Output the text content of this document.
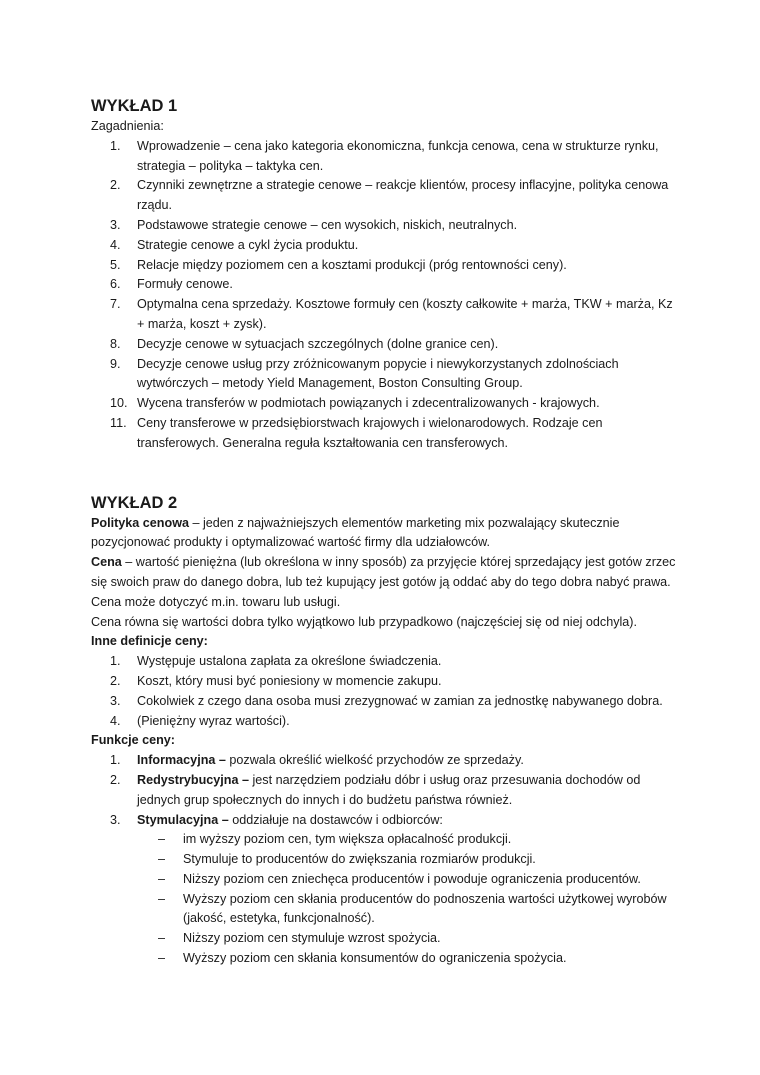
WYKŁAD 1

Zagadnienia:

1. Wprowadzenie – cena jako kategoria ekonomiczna, funkcja cenowa, cena w strukturze rynku, strategia – polityka – taktyka cen.
2. Czynniki zewnętrzne a strategie cenowe – reakcje klientów, procesy inflacyjne, polityka cenowa rządu.
3. Podstawowe strategie cenowe – cen wysokich, niskich, neutralnych.
4. Strategie cenowe a cykl życia produktu.
5. Relacje między poziomem cen a kosztami produkcji (próg rentowności ceny).
6. Formuły cenowe.
7. Optymalna cena sprzedaży. Kosztowe formuły cen (koszty całkowite + marża, TKW + marża, Kz + marża, koszt + zysk).
8. Decyzje cenowe w sytuacjach szczególnych (dolne granice cen).
9. Decyzje cenowe usług przy zróżnicowanym popycie i niewykorzystanych zdolnościach wytwórczych – metody Yield Management, Boston Consulting Group.
10. Wycena transferów w podmiotach powiązanych i zdecentralizowanych - krajowych.
11. Ceny transferowe w przedsiębiorstwach krajowych i wielonarodowych. Rodzaje cen transferowych. Generalna reguła kształtowania cen transferowych.
WYKŁAD 2

Polityka cenowa – jeden z najważniejszych elementów marketing mix pozwalający skutecznie pozycjonować produkty i optymalizować wartość firmy dla udziałowców.

Cena – wartość pieniężna (lub określona w inny sposób) za przyjęcie której sprzedający jest gotów zrzec się swoich praw do danego dobra, lub też kupujący jest gotów ją oddać aby do tego dobra nabyć prawa. Cena może dotyczyć m.in. towaru lub usługi.

Cena równa się wartości dobra tylko wyjątkowo lub przypadkowo (najczęściej się od niej odchyla).

Inne definicje ceny:

1. Występuje ustalona zapłata za określone świadczenia.
2. Koszt, który musi być poniesiony w momencie zakupu.
3. Cokolwiek z czego dana osoba musi zrezygnować w zamian za jednostkę nabywanego dobra.
4. (Pieniężny wyraz wartości).

Funkcje ceny:

1. Informacyjna – pozwala określić wielkość przychodów ze sprzedaży.
2. Redystrybucyjna – jest narzędziem podziału dóbr i usług oraz przesuwania dochodów od jednych grup społecznych do innych i do budżetu państwa również.
3. Stymulacyjna – oddziałuje na dostawców i odbiorców:
– im wyższy poziom cen, tym większa opłacalność produkcji.
– Stymuluje to producentów do zwiększania rozmiarów produkcji.
– Niższy poziom cen zniechęca producentów i powoduje ograniczenia producentów.
– Wyższy poziom cen skłania producentów do podnoszenia wartości użytkowej wyrobów (jakość, estetyka, funkcjonalność).
– Niższy poziom cen stymuluje wzrost spożycia.
– Wyższy poziom cen skłania konsumentów do ograniczenia spożycia.
